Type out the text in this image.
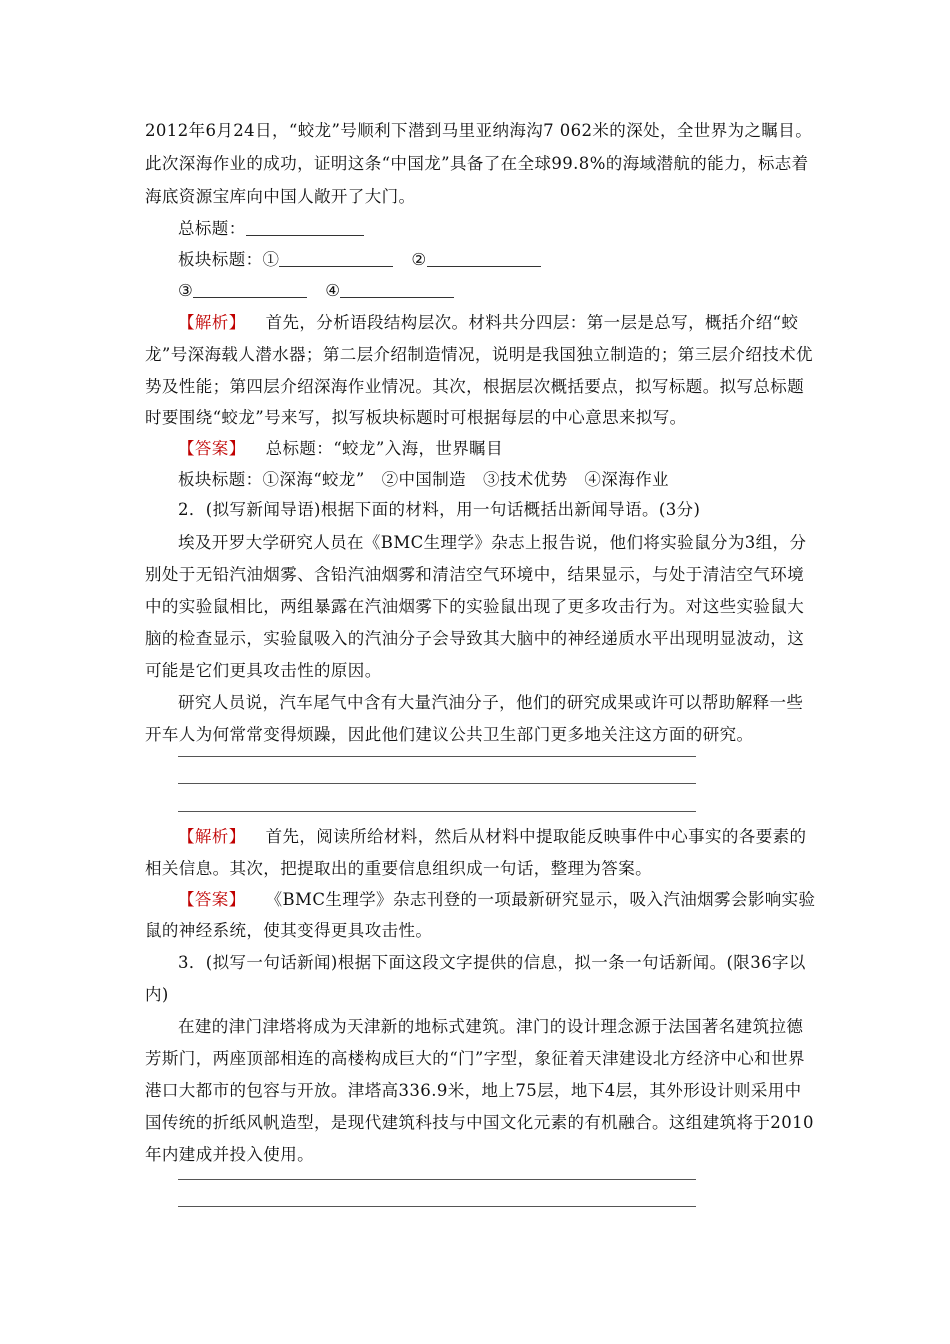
2012年6月24日，“蛟龙”号顺利下潜到马里亚纳海沟7 062米的深处，全世界为之瞩目。
此次深海作业的成功，证明这条“中国龙”具备了在全球99.8%的海域潜航的能力，标志着
海底资源宝库向中国人敞开了大门。
总标题：
板块标题：①	②
③	④
【解析】 首先，分析语段结构层次。材料共分四层：第一层是总写，概括介绍“蛟
龙”号深海载人潜水器；第二层介绍制造情况，说明是我国独立制造的；第三层介绍技术优
势及性能；第四层介绍深海作业情况。其次，根据层次概括要点，拟写标题。拟写总标题
时要围绕“蛟龙”号来写，拟写板块标题时可根据每层的中心意思来拟写。
【答案】 总标题：“蛟龙”入海，世界瞩目
板块标题：①深海“蛟龙”　②中国制造　③技术优势　④深海作业
2．(拟写新闻导语)根据下面的材料，用一句话概括出新闻导语。(3分)
埃及开罗大学研究人员在《BMC生理学》杂志上报告说，他们将实验鼠分为3组，分
别处于无铅汽油烟雾、含铅汽油烟雾和清洁空气环境中，结果显示，与处于清洁空气环境
中的实验鼠相比，两组暴露在汽油烟雾下的实验鼠出现了更多攻击行为。对这些实验鼠大
脑的检查显示，实验鼠吸入的汽油分子会导致其大脑中的神经递质水平出现明显波动，这
可能是它们更具攻击性的原因。
研究人员说，汽车尾气中含有大量汽油分子，他们的研究成果或许可以帮助解释一些
开车人为何常常变得烦躁，因此他们建议公共卫生部门更多地关注这方面的研究。
【解析】 首先，阅读所给材料，然后从材料中提取能反映事件中心事实的各要素的
相关信息。其次，把提取出的重要信息组织成一句话，整理为答案。
【答案】 《BMC生理学》杂志刊登的一项最新研究显示，吸入汽油烟雾会影响实验
鼠的神经系统，使其变得更具攻击性。
3．(拟写一句话新闻)根据下面这段文字提供的信息，拟一条一句话新闻。(限36字以
内)
在建的津门津塔将成为天津新的地标式建筑。津门的设计理念源于法国著名建筑拉德
芳斯门，两座顶部相连的高楼构成巨大的“门”字型，象征着天津建设北方经济中心和世界
港口大都市的包容与开放。津塔高336.9米，地上75层，地下4层，其外形设计则采用中
国传统的折纸风帆造型，是现代建筑科技与中国文化元素的有机融合。这组建筑将于2010
年内建成并投入使用。
